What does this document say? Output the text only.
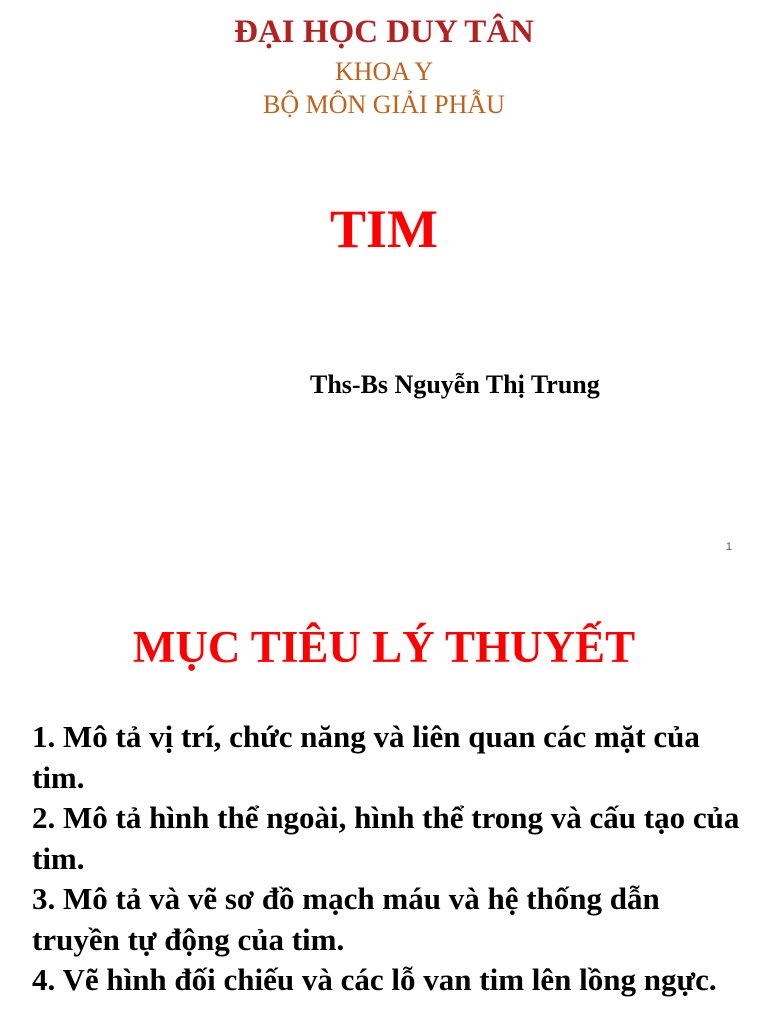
ĐẠI HỌC DUY TÂN
KHOA Y
BỘ MÔN GIẢI PHẪU
TIM
Ths-Bs Nguyễn Thị Trung
1
MỤC TIÊU LÝ THUYẾT
1. Mô tả vị trí, chức năng và liên quan các mặt của tim.
2. Mô tả hình thể ngoài, hình thể trong và cấu tạo của tim.
3. Mô tả và vẽ sơ đồ mạch máu và hệ thống dẫn truyền tự động của tim.
4. Vẽ hình đối chiếu và các lỗ van tim lên lồng ngực.
